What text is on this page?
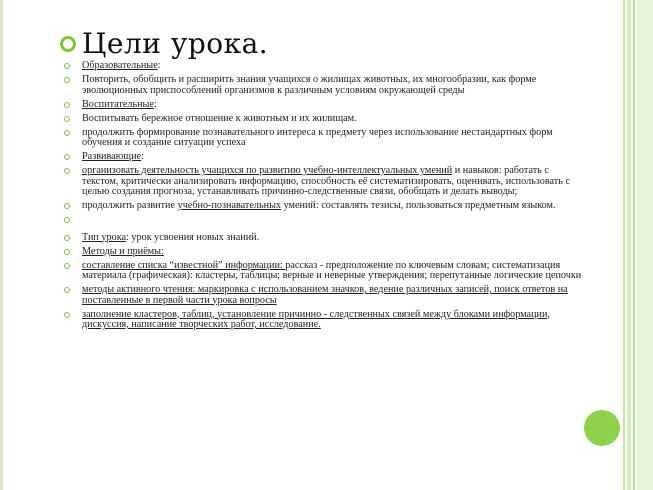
Цели урока.
Образовательные:
Повторить, обобщить и расширить знания учащихся о жилищах животных, их многообразии, как форме эволюционных приспособлений организмов к различным условиям окружающей среды
Воспитательные:
Воспитывать бережное отношение к животным и их жилищам.
продолжить формирование познавательного интереса к предмету через использование нестандартных форм обучения и создание ситуации успеха
Развивающие:
организовать деятельность учащихся по развитию учебно-интеллектуальных умений и навыков: работать с текстом, критически анализировать информацию, способность её систематизировать, оценивать, использовать с целью создания прогноза, устанавливать причинно-следственные связи, обобщать и делать выводы;
продолжить развитие учебно-познавательных умений: составлять тезисы, пользоваться предметным языком.
Тип урока: урок усвоения новых знаний.
Методы и приёмы:
составление списка “известной” информации: рассказ - предположение по ключевым словам; систематизация материала (графическая): кластеры, таблицы; верные и неверные утверждения; перепутанные логические цепочки
методы активного чтения: маркировка с использованием значков, ведение различных записей, поиск ответов на поставленные в первой части урока вопросы
заполнение кластеров, таблиц, установление причинно - следственных связей между блоками информации, дискуссия, написание творческих работ, исследование.
